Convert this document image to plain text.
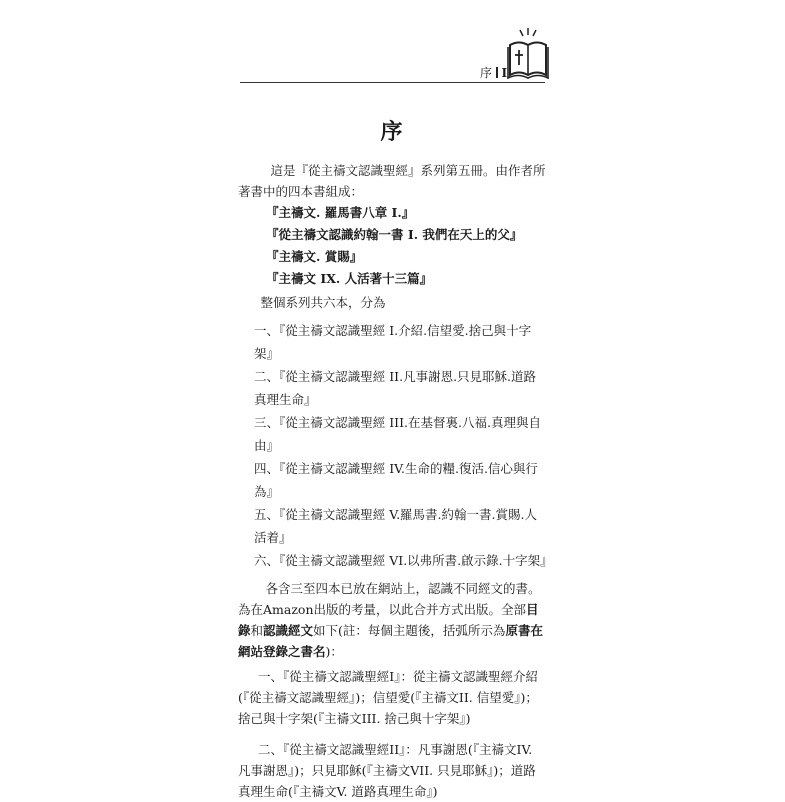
序 I
序

這是『從主禱文認識聖經』系列第五冊。由作者所著書中的四本書組成：

『主禱文. 羅馬書八章 I.』
『從主禱文認識約翰一書 I. 我們在天上的父』
『主禱文. 賞賜』
『主禱文 IX. 人活著十三篇』

整個系列共六本，分為

一、『從主禱文認識聖經 I.介紹.信望愛.捨己與十字架』
二、『從主禱文認識聖經 II.凡事謝恩.只見耶穌.道路真理生命』
三、『從主禱文認識聖經 III.在基督裏.八福.真理與自由』
四、『從主禱文認識聖經 IV.生命的糧.復活.信心與行為』
五、『從主禱文認識聖經 V.羅馬書.約翰一書.賞賜.人活着』
六、『從主禱文認識聖經 VI.以弗所書.啟示錄.十字架』

各含三至四本已放在網站上，認識不同經文的書。為在Amazon出版的考量，以此合并方式出版。全部目錄和認識經文如下(註：每個主題後，括弧所示為原書在網站登錄之書名)：

一、『從主禱文認識聖經I』：從主禱文認識聖經介紹(『從主禱文認識聖經』)；信望愛(『主禱文II. 信望愛』)；捨己與十字架(『主禱文III. 捨己與十字架』)

二、『從主禱文認識聖經II』：凡事謝恩(『主禱文IV. 凡事謝恩』)；只見耶穌(『主禱文VII. 只見耶穌』)；道路真理生命(『主禱文V. 道路真理生命』)
